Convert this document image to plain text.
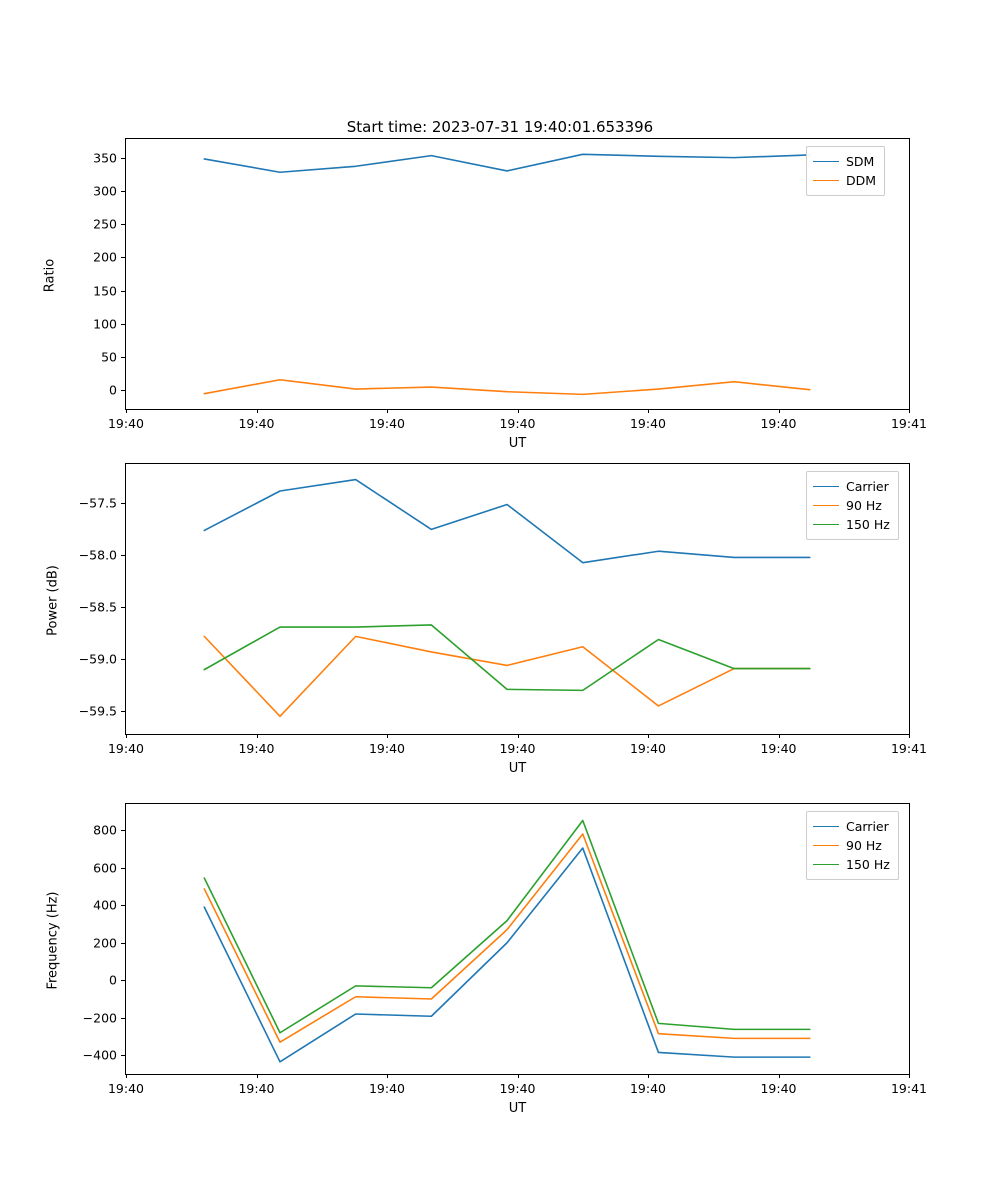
Start time: 2023-07-31 19:40:01.653396
Ratio
UT
19:40	19:40	19:40	19:40	19:40	19:40	19:41
0
50
100
150
200
250
300
350	SDM
DDM
Power (dB)
UT
19:40	19:40	19:40	19:40	19:40	19:40	19:41
−59.5
−59.0
−58.5
−58.0
−57.5
Carrier
90 Hz
150 Hz
Frequency (Hz)
UT
19:40	19:40	19:40	19:40	19:40	19:40	19:41
−400
−200
0
200
400
600
800	Carrier
90 Hz
150 Hz
